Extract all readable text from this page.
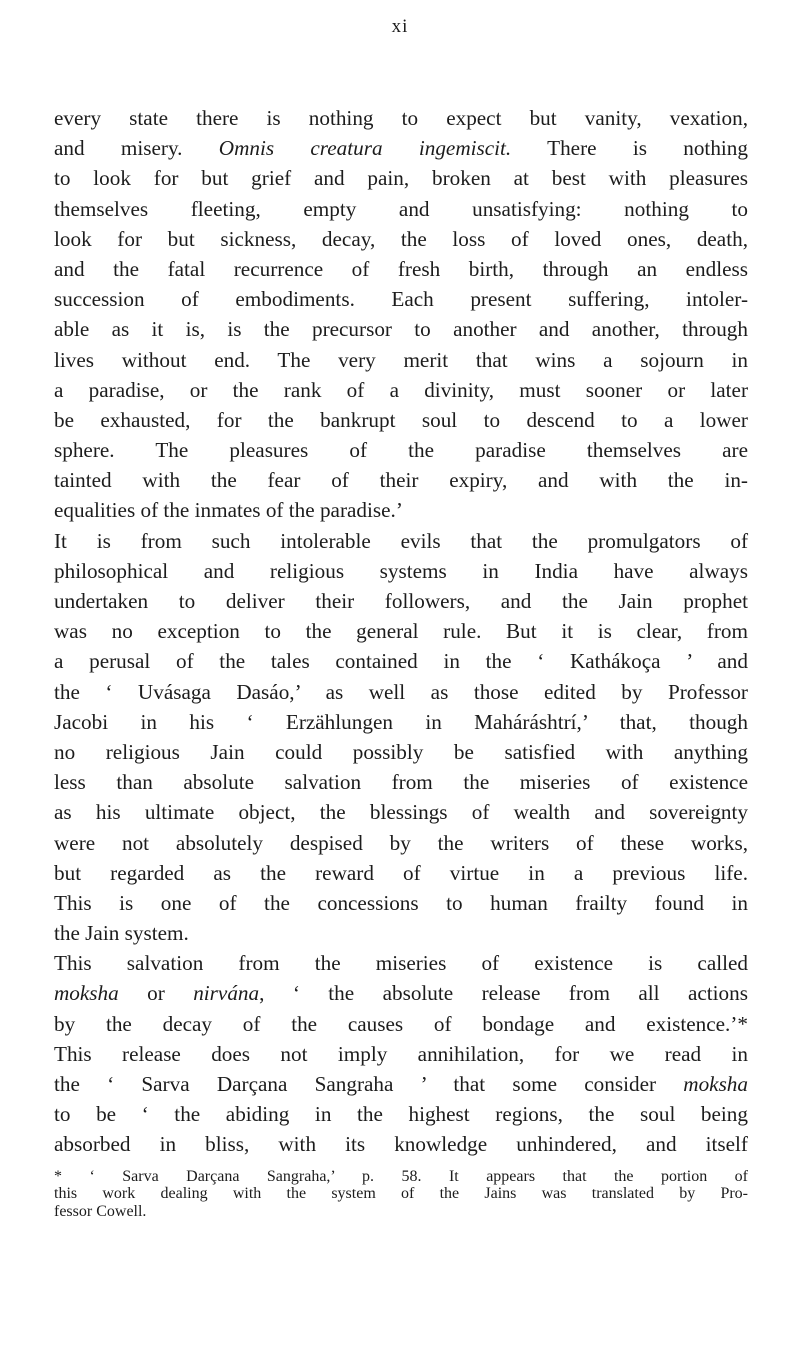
xi
every state there is nothing to expect but vanity, vexation,
and misery. Omnis creatura ingemiscit. There is nothing
to look for but grief and pain, broken at best with pleasures
themselves fleeting, empty and unsatisfying: nothing to
look for but sickness, decay, the loss of loved ones, death,
and the fatal recurrence of fresh birth, through an endless
succession of embodiments. Each present suffering, intoler-
able as it is, is the precursor to another and another, through
lives without end. The very merit that wins a sojourn in
a paradise, or the rank of a divinity, must sooner or later
be exhausted, for the bankrupt soul to descend to a lower
sphere. The pleasures of the paradise themselves are
tainted with the fear of their expiry, and with the in-
equalities of the inmates of the paradise.’
It is from such intolerable evils that the promulgators of
philosophical and religious systems in India have always
undertaken to deliver their followers, and the Jain prophet
was no exception to the general rule. But it is clear, from
a perusal of the tales contained in the ‘ Kathákoça ’ and
the ‘ Uvásaga Dasáo,’ as well as those edited by Professor
Jacobi in his ‘ Erzählungen in Maháráshtrí,’ that, though
no religious Jain could possibly be satisfied with anything
less than absolute salvation from the miseries of existence
as his ultimate object, the blessings of wealth and sovereignty
were not absolutely despised by the writers of these works,
but regarded as the reward of virtue in a previous life.
This is one of the concessions to human frailty found in
the Jain system.
This salvation from the miseries of existence is called
moksha or nirvána, ‘ the absolute release from all actions
by the decay of the causes of bondage and existence.’*
This release does not imply annihilation, for we read in
the ‘ Sarva Darçana Sangraha ’ that some consider moksha
to be ‘ the abiding in the highest regions, the soul being
absorbed in bliss, with its knowledge unhindered, and itself
* ‘ Sarva Darçana Sangraha,’ p. 58. It appears that the portion of
this work dealing with the system of the Jains was translated by Pro-
fessor Cowell.
